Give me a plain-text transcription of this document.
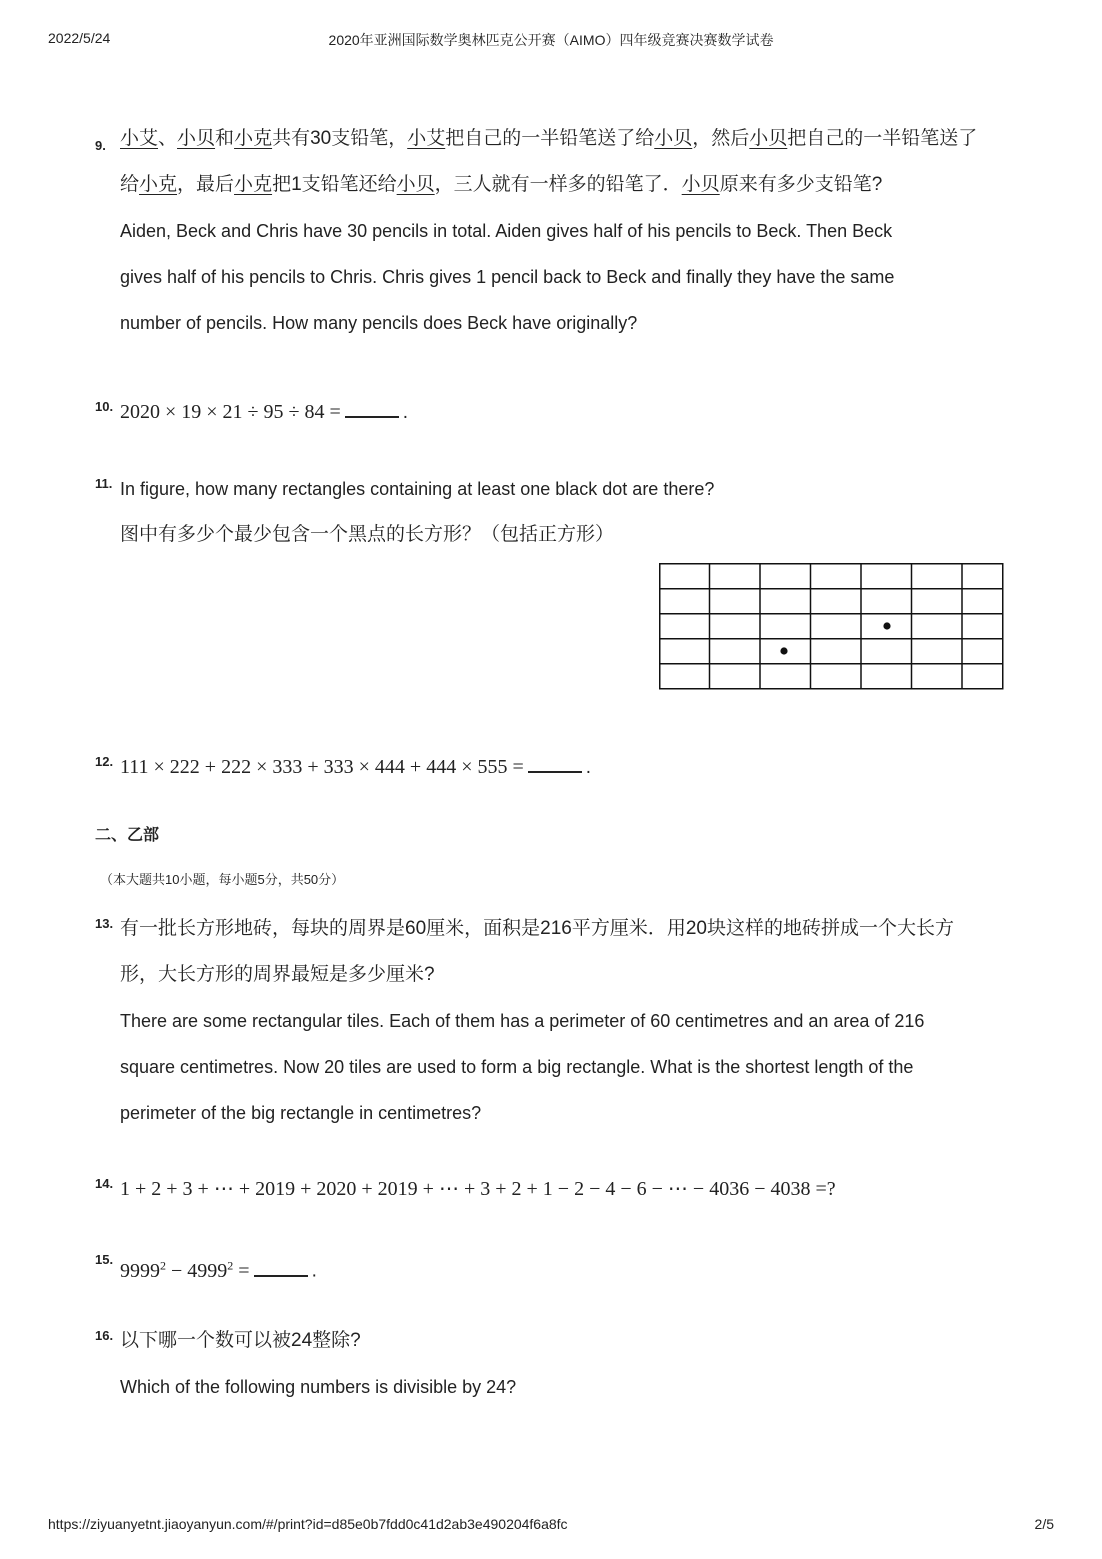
2022/5/24	2020年亚洲国际数学奥林匹克公开赛（AIMO）四年级竞赛决赛数学试卷
9. 小艾、小贝和小克共有30支铅笔，小艾把自己的一半铅笔送了给小贝，然后小贝把自己的一半铅笔送了
给小克，最后小克把1支铅笔还给小贝，三人就有一样多的铅笔了．小贝原来有多少支铅笔?
Aiden, Beck and Chris have 30 pencils in total. Aiden gives half of his pencils to Beck. Then Beck
gives half of his pencils to Chris. Chris gives 1 pencil back to Beck and finally they have the same
number of pencils. How many pencils does Beck have originally?
10. 2020 × 19 × 21 ÷ 95 ÷ 84 =	.
11. In figure, how many rectangles containing at least one black dot are there?
图中有多少个最少包含一个黑点的长方形？（包括正方形）
12. 111 × 222 + 222 × 333 + 333 × 444 + 444 × 555 =	.
二、乙部
（本大题共10小题，每小题5分，共50分）
13. 有一批长方形地砖，每块的周界是60厘米，面积是216平方厘米．用20块这样的地砖拼成一个大长方
形，大长方形的周界最短是多少厘米?
There are some rectangular tiles. Each of them has a perimeter of 60 centimetres and an area of 216
square centimetres. Now 20 tiles are used to form a big rectangle. What is the shortest length of the
perimeter of the big rectangle in centimetres?
14. 1 + 2 + 3 + ⋯ + 2019 + 2020 + 2019 + ⋯ + 3 + 2 + 1 − 2 − 4 − 6 − ⋯ − 4036 − 4038 =?
15.
$9999^2 - 4999^2$ =	.
16. 以下哪一个数可以被24整除?
Which of the following numbers is divisible by 24?
https://ziyuanyetnt.jiaoyanyun.com/#/print?id=d85e0b7fdd0c41d2ab3e490204f6a8fc	2/5
